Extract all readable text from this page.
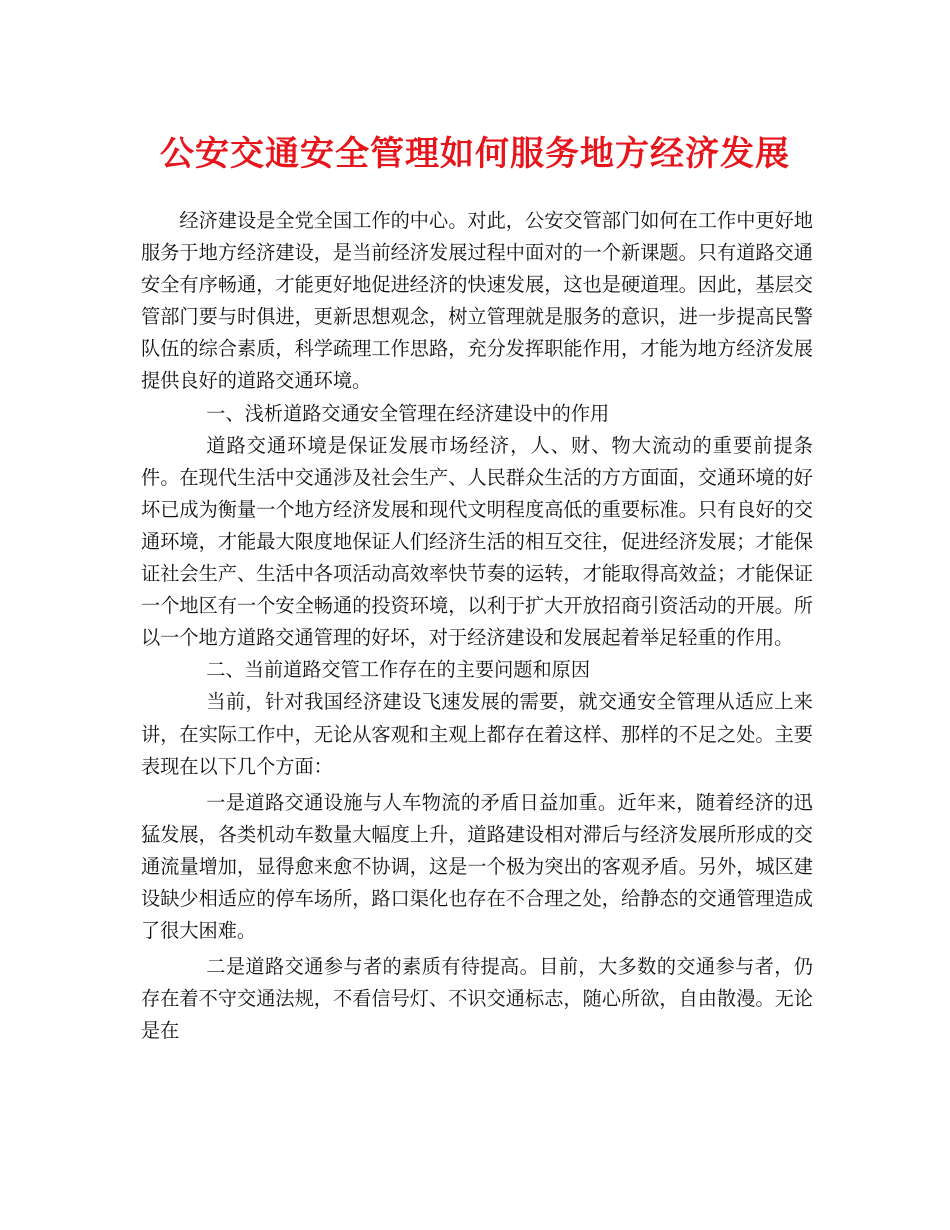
公安交通安全管理如何服务地方经济发展

经济建设是全党全国工作的中心。对此，公安交管部门如何在工作中更好地服务于地方经济建设，是当前经济发展过程中面对的一个新课题。只有道路交通安全有序畅通，才能更好地促进经济的快速发展，这也是硬道理。因此，基层交管部门要与时俱进，更新思想观念，树立管理就是服务的意识，进一步提高民警队伍的综合素质，科学疏理工作思路，充分发挥职能作用，才能为地方经济发展提供良好的道路交通环境。

一、浅析道路交通安全管理在经济建设中的作用

道路交通环境是保证发展市场经济，人、财、物大流动的重要前提条件。在现代生活中交通涉及社会生产、人民群众生活的方方面面，交通环境的好坏已成为衡量一个地方经济发展和现代文明程度高低的重要标准。只有良好的交通环境，才能最大限度地保证人们经济生活的相互交往，促进经济发展；才能保证社会生产、生活中各项活动高效率快节奏的运转，才能取得高效益；才能保证一个地区有一个安全畅通的投资环境，以利于扩大开放招商引资活动的开展。所以一个地方道路交通管理的好坏，对于经济建设和发展起着举足轻重的作用。

二、当前道路交管工作存在的主要问题和原因

当前，针对我国经济建设飞速发展的需要，就交通安全管理从适应上来讲，在实际工作中，无论从客观和主观上都存在着这样、那样的不足之处。主要表现在以下几个方面：

一是道路交通设施与人车物流的矛盾日益加重。近年来，随着经济的迅猛发展，各类机动车数量大幅度上升，道路建设相对滞后与经济发展所形成的交通流量增加，显得愈来愈不协调，这是一个极为突出的客观矛盾。另外，城区建设缺少相适应的停车场所，路口渠化也存在不合理之处，给静态的交通管理造成了很大困难。

二是道路交通参与者的素质有待提高。目前，大多数的交通参与者，仍存在着不守交通法规，不看信号灯、不识交通标志，随心所欲，自由散漫。无论是在
